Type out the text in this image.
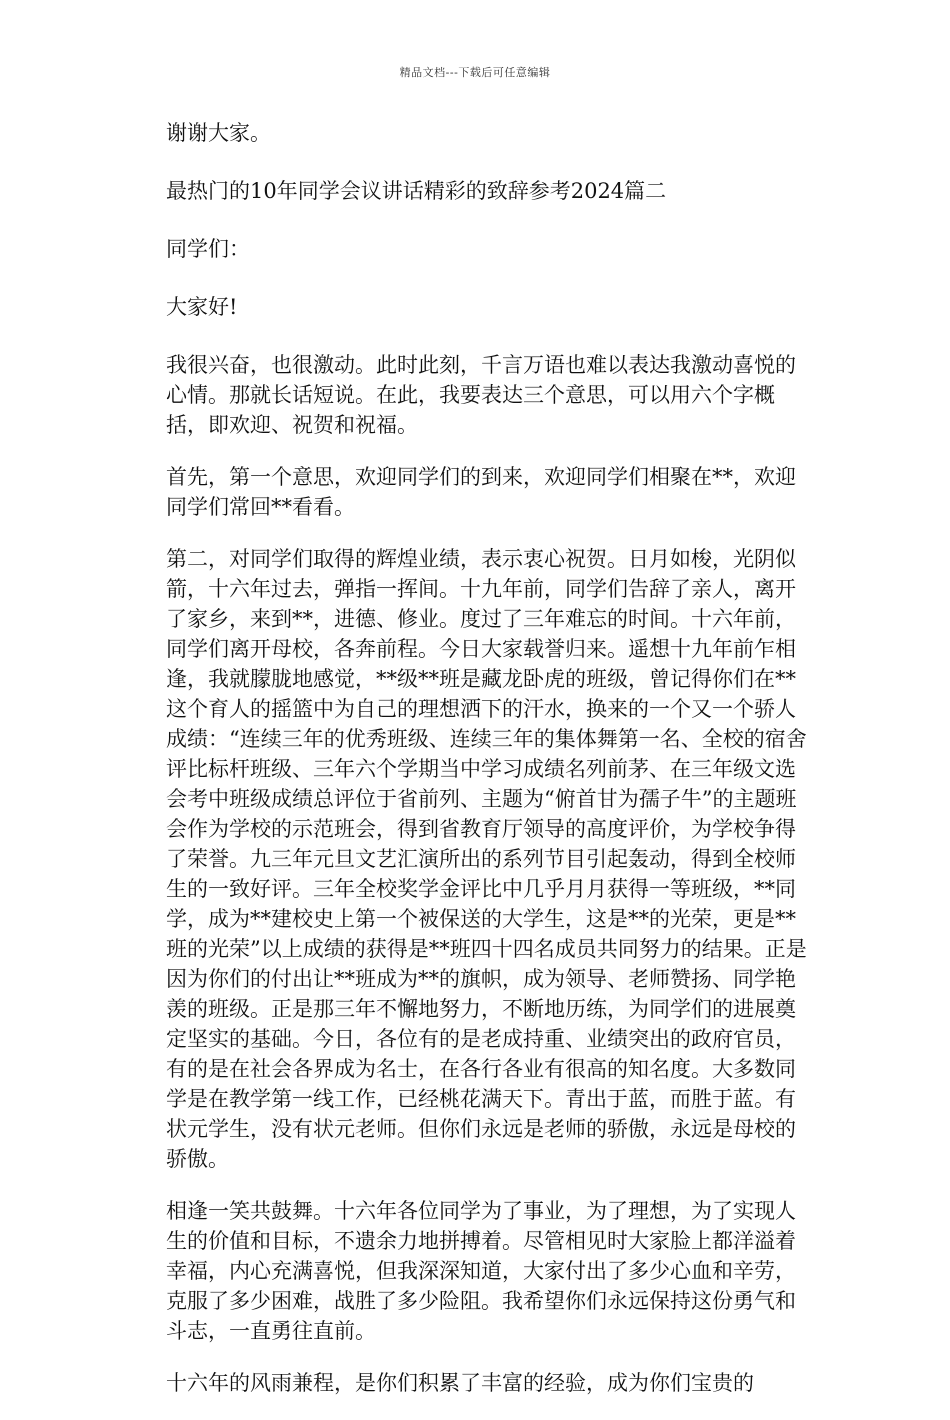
精品文档---下载后可任意编辑

谢谢大家。

最热门的10年同学会议讲话精彩的致辞参考2024篇二

同学们：

大家好!

我很兴奋，也很激动。此时此刻，千言万语也难以表达我激动喜悦的心情。那就长话短说。在此，我要表达三个意思，可以用六个字概括，即欢迎、祝贺和祝福。

首先，第一个意思，欢迎同学们的到来，欢迎同学们相聚在**，欢迎同学们常回**看看。

第二，对同学们取得的辉煌业绩，表示衷心祝贺。日月如梭，光阴似箭，十六年过去，弹指一挥间。十九年前，同学们告辞了亲人，离开了家乡，来到**，进德、修业。度过了三年难忘的时间。十六年前，同学们离开母校，各奔前程。今日大家载誉归来。遥想十九年前乍相逢，我就朦胧地感觉，**级**班是藏龙卧虎的班级，曾记得你们在**这个育人的摇篮中为自己的理想洒下的汗水，换来的一个又一个骄人成绩：“连续三年的优秀班级、连续三年的集体舞第一名、全校的宿舍评比标杆班级、三年六个学期当中学习成绩名列前茅、在三年级文选会考中班级成绩总评位于省前列、主题为“俯首甘为孺子牛”的主题班会作为学校的示范班会，得到省教育厅领导的高度评价，为学校争得了荣誉。九三年元旦文艺汇演所出的系列节目引起轰动，得到全校师生的一致好评。三年全校奖学金评比中几乎月月获得一等班级，**同学，成为**建校史上第一个被保送的大学生，这是**的光荣，更是**班的光荣”以上成绩的获得是**班四十四名成员共同努力的结果。正是因为你们的付出让**班成为**的旗帜，成为领导、老师赞扬、同学艳羡的班级。正是那三年不懈地努力，不断地历练，为同学们的进展奠定坚实的基础。今日，各位有的是老成持重、业绩突出的政府官员，有的是在社会各界成为名士，在各行各业有很高的知名度。大多数同学是在教学第一线工作，已经桃花满天下。青出于蓝，而胜于蓝。有状元学生，没有状元老师。但你们永远是老师的骄傲，永远是母校的骄傲。

相逢一笑共鼓舞。十六年各位同学为了事业，为了理想，为了实现人生的价值和目标，不遗余力地拼搏着。尽管相见时大家脸上都洋溢着幸福，内心充满喜悦，但我深深知道，大家付出了多少心血和辛劳，克服了多少困难，战胜了多少险阻。我希望你们永远保持这份勇气和斗志，一直勇往直前。

十六年的风雨兼程，是你们积累了丰富的经验，成为你们宝贵的
